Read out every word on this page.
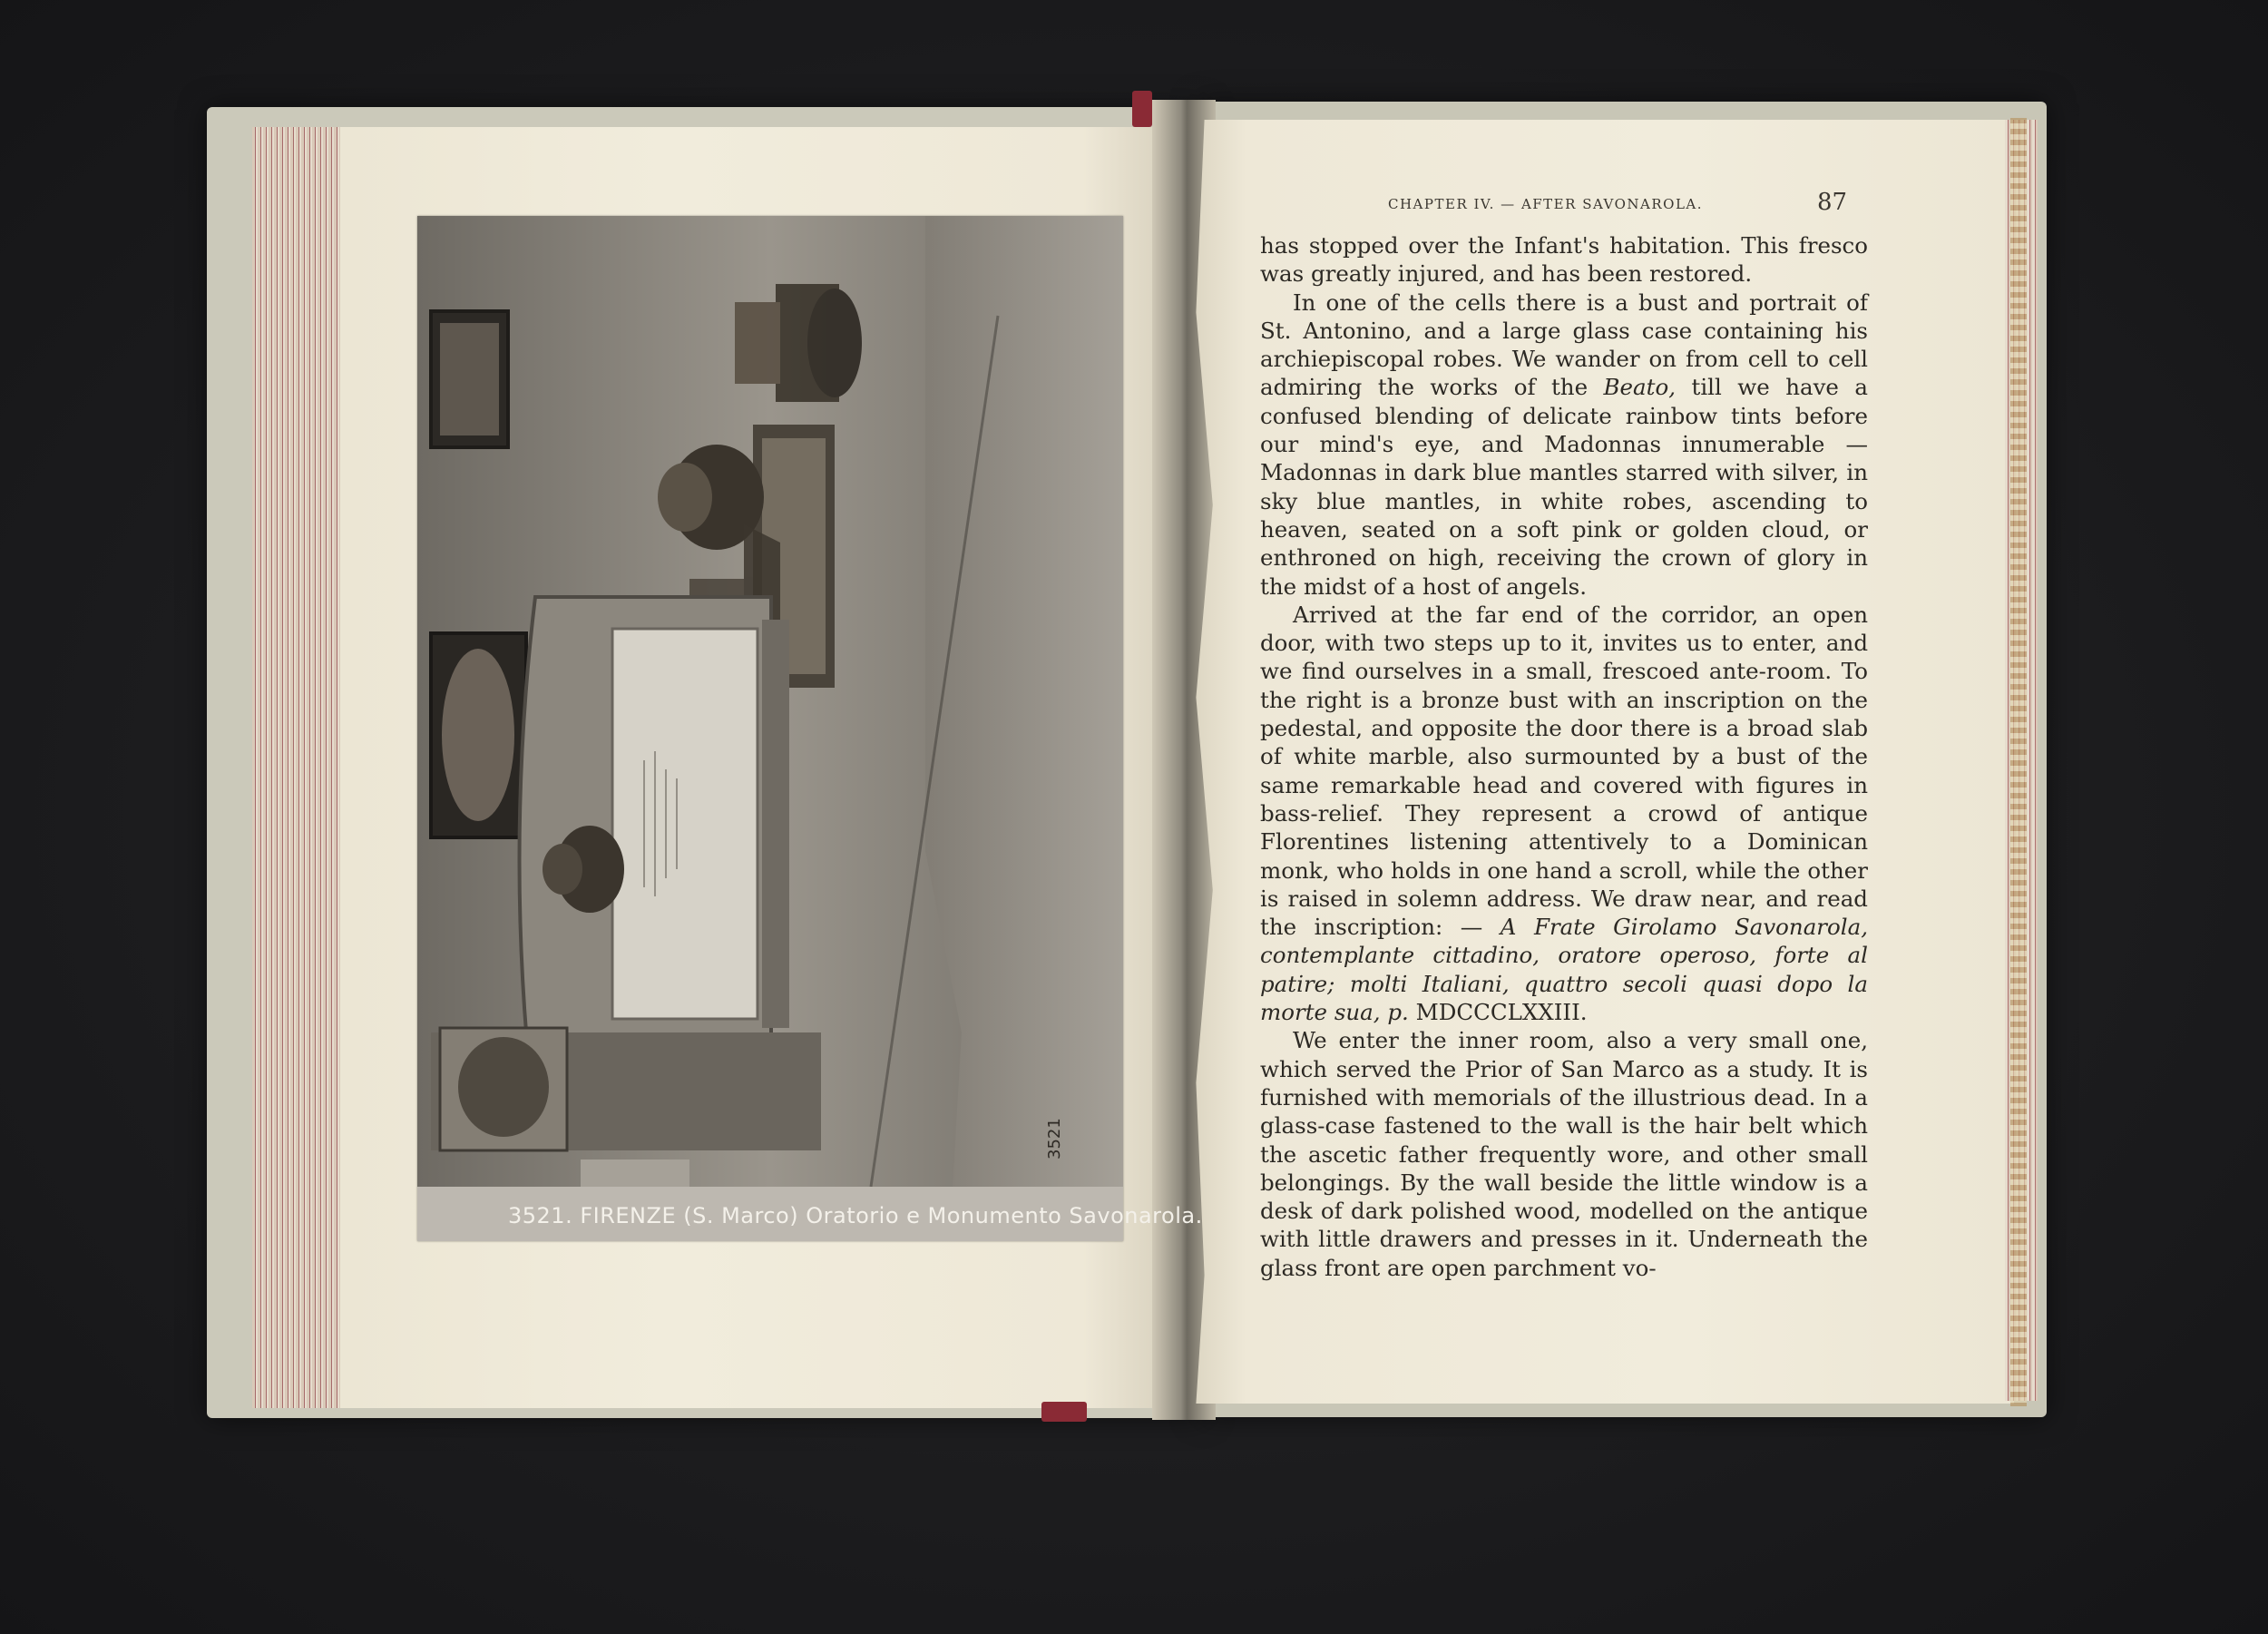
3521
3521. FIRENZE (S. Marco) Oratorio e Monumento Savonarola.
CHAPTER IV. — AFTER SAVONAROLA.	87

has stopped over the Infant's habitation. This fresco was greatly injured, and has been restored.

In one of the cells there is a bust and portrait of St. Antonino, and a large glass case containing his archiepiscopal robes. We wander on from cell to cell admiring the works of the Beato, till we have a confused blending of delicate rainbow tints before our mind's eye, and Madonnas innumerable — Madonnas in dark blue mantles starred with silver, in sky blue mantles, in white robes, ascending to heaven, seated on a soft pink or golden cloud, or enthroned on high, receiving the crown of glory in the midst of a host of angels.

Arrived at the far end of the corridor, an open door, with two steps up to it, invites us to enter, and we find ourselves in a small, frescoed ante-room. To the right is a bronze bust with an inscription on the pedestal, and opposite the door there is a broad slab of white marble, also surmounted by a bust of the same remarkable head and covered with figures in bass-relief. They represent a crowd of antique Florentines listening attentively to a Dominican monk, who holds in one hand a scroll, while the other is raised in solemn address. We draw near, and read the inscription: — A Frate Girolamo Savonarola, contemplante cittadino, oratore operoso, forte al patire; molti Italiani, quattro secoli quasi dopo la morte sua, p. MDCCCLXXIII.

We enter the inner room, also a very small one, which served the Prior of San Marco as a study. It is furnished with memorials of the illustrious dead. In a glass-case fastened to the wall is the hair belt which the ascetic father frequently wore, and other small belongings. By the wall beside the little window is a desk of dark polished wood, modelled on the antique with little drawers and presses in it. Underneath the glass front are open parchment vo-
